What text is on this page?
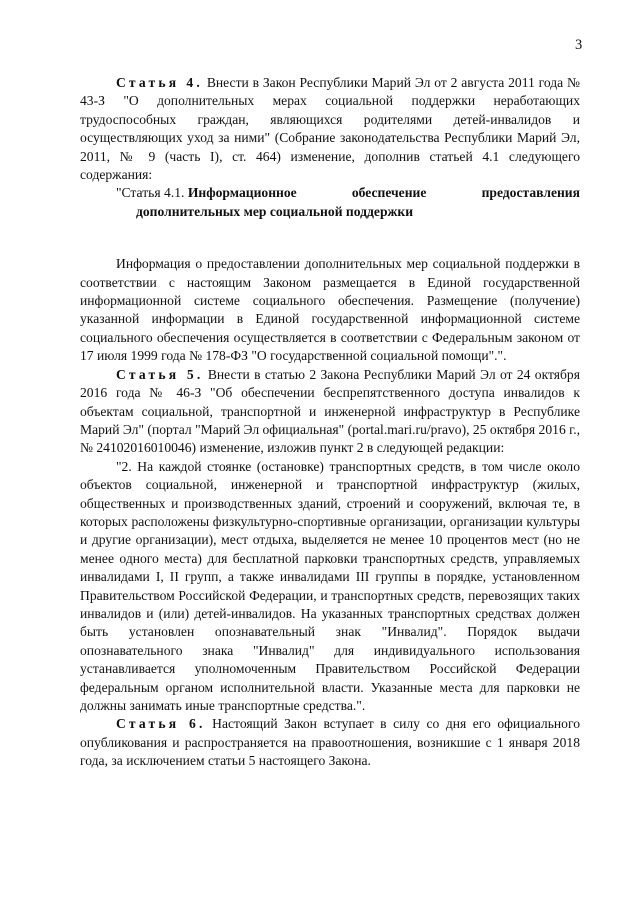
3

Статья 4. Внести в Закон Республики Марий Эл от 2 августа 2011 года № 43-З "О дополнительных мерах социальной поддержки неработающих трудоспособных граждан, являющихся родителями детей-инвалидов и осуществляющих уход за ними" (Собрание законодательства Республики Марий Эл, 2011, № 9 (часть I), ст. 464) изменение, дополнив статьей 4.1 следующего содержания:

"Статья 4.1. Информационное	обеспечение	предоставления

дополнительных мер социальной поддержки

Информация о предоставлении дополнительных мер социальной поддержки в соответствии с настоящим Законом размещается в Единой государственной информационной системе социального обеспечения. Размещение (получение) указанной информации в Единой государственной информационной системе социального обеспечения осуществляется в соответствии с Федеральным законом от 17 июля 1999 года № 178-ФЗ "О государственной социальной помощи".".

Статья 5. Внести в статью 2 Закона Республики Марий Эл от 24 октября 2016 года № 46-З "Об обеспечении беспрепятственного доступа инвалидов к объектам социальной, транспортной и инженерной инфраструктур в Республике Марий Эл" (портал "Марий Эл официальная" (portal.mari.ru/pravo), 25 октября 2016 г., № 24102016010046) изменение, изложив пункт 2 в следующей редакции:

"2. На каждой стоянке (остановке) транспортных средств, в том числе около объектов социальной, инженерной и транспортной инфраструктур (жилых, общественных и производственных зданий, строений и сооружений, включая те, в которых расположены физкультурно-спортивные организации, организации культуры и другие организации), мест отдыха, выделяется не менее 10 процентов мест (но не менее одного места) для бесплатной парковки транспортных средств, управляемых инвалидами I, II групп, а также инвалидами III группы в порядке, установленном Правительством Российской Федерации, и транспортных средств, перевозящих таких инвалидов и (или) детей-инвалидов. На указанных транспортных средствах должен быть установлен опознавательный знак "Инвалид". Порядок выдачи опознавательного знака "Инвалид" для индивидуального использования устанавливается уполномоченным Правительством Российской Федерации федеральным органом исполнительной власти. Указанные места для парковки не должны занимать иные транспортные средства.".

Статья 6. Настоящий Закон вступает в силу со дня его официального опубликования и распространяется на правоотношения, возникшие с 1 января 2018 года, за исключением статьи 5 настоящего Закона.
